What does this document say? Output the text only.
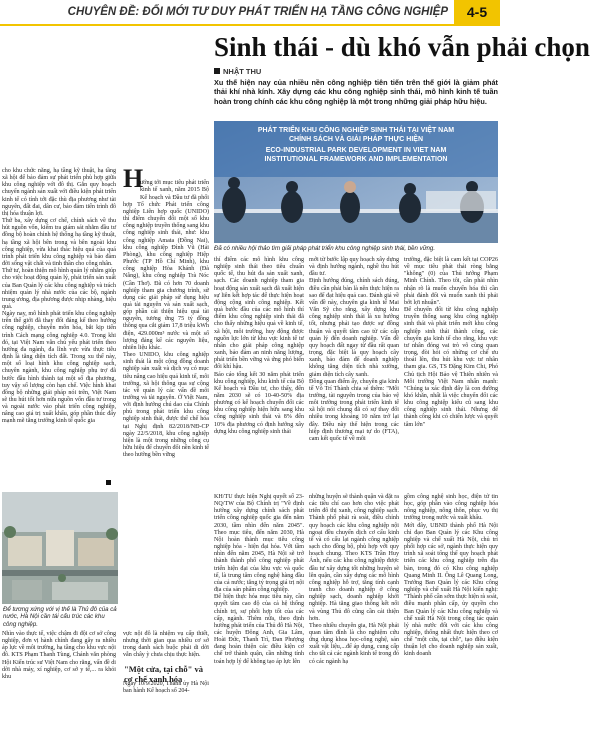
CHUYÊN ĐỀ: ĐỔI MỚI TƯ DUY PHÁT TRIỂN HẠ TẦNG CÔNG NGHIỆP	4-5
cho khu chức năng, hạ tầng kỹ thuật, hạ tầng xã hội để bảo đảm sự phát triển phù hợp giữa khu công nghiệp với đô thị. Gắn quy hoạch chuyển ngành sản xuất với điều kiện phát triển kinh tế có tính tới đặc thù địa phương như tài nguyên, đất đai, dân cư, bảo đảm tiến trình đô thị hóa thuận lợi.
Thứ ba, xây dựng cơ chế, chính sách về thu hút nguồn vốn, kiểm tra giám sát nhằm đầu tư đồng bộ hoàn chỉnh hệ thống hạ tầng kỹ thuật, hạ tầng xã hội bên trong và bên ngoài khu công nghiệp, vừa khai thác hiệu quả của quá trình phát triển khu công nghiệp và bảo đảm đời sống vật chất và tinh thần cho công nhân.
Thứ tư, hoàn thiện mô hình quản lý nhằm giúp cho việc hoạt động quản lý, phát triển sản xuất của Ban Quản lý các khu công nghiệp và trách nhiệm quản lý nhà nước của các bộ, ngành trung ương, địa phương được nhịp nhàng, hiệu quả.
Ngày nay, mô hình phát triển khu công nghiệp trên thế giới đã thay đổi đáng kể theo hướng công nghiệp, chuyên môn hóa, bắt kịp tiến trình Cách mạng công nghiệp 4.0. Trong khi đó, tại Việt Nam vẫn chú yếu phát triển theo hướng đa ngành, đa lĩnh vực vừa thực tiễu định là tăng diện tích đất. Trong xu thế này, một số loại hình khu công nghiệp sạch, chuyên ngành, khu công nghiệp phụ trợ đã bước đầu hình thành tại một số địa phương, tuy vậy số lượng còn hạn chế. Việc hình khai đồng bộ những giải pháp nói trên, Việt Nam sẽ thu hút tốt hơn nữa nguồn vốn đầu tư trong và ngoài nước vào phát triển công nghiệp, nâng cao giá trị xuất khẩu, góp phần thúc đẩy mạnh mẽ tăng trưởng kinh tế quốc gia
H

ướng tới mục tiêu phát triển kinh tế xanh, năm 2015 Bộ Kế hoạch và Đầu tư đã phối hợp Tổ chức Phát triển công nghiệp Liên hợp quốc (UNIDO) thí điểm chuyển đổi một số khu công nghiệp truyền thống sang khu công nghiệp sinh thái, như: khu công nghiệp Amata (Đồng Nai), khu công nghiệp Đình Vũ (Hải Phòng), khu công nghiệp Hiệp Phước (TP Hồ Chí Minh), khu công nghiệp Hòa Khánh (Đà Nẵng), khu công nghiệp Trà Nóc (Cần Thơ). Đã có hơn 70 doanh nghiệp tham gia chương trình, sử dụng các giải pháp sử dụng hiệu quả tài nguyên và sản xuất sạch, góp phần cải thiện hiệu quả tài nguyên, tương ứng 75 tỷ đồng thông qua cắt giảm 17,8 triệu kWh điện, 429.000m³ nước và một số lượng đáng kể các nguyên liệu, nhiên liệu khác.
Theo UNIDO, khu công nghiệp sinh thái là một cộng đồng doanh nghiệp sản xuất và dịch vụ có mục tiêu nâng cao hiệu quả kinh tế, môi trường, xã hội thông qua sự cộng tác về quản lý các vấn đề môi trường và tài nguyên. Ở Việt Nam, với định hướng chú dao của Chính phủ trong phát triển khu công nghiệp sinh thái, được thể chế hóa tại Nghị định 82/2018/NĐ-CP ngày 22/5/2018, khu công nghiệp hiện là một trong những công cụ hữu hiệu để chuyển đổi nền kinh tế theo hướng bền vững

Sinh thái - dù khó vẫn phải chọn
NHẬT THU
Xu thế hiện nay của nhiều nền công nghiệp tiên tiến trên thế giới là giảm phát thải khí nhà kính. Xây dựng các khu công nghiệp sinh thái, mô hình kinh tế tuần hoàn trong chính các khu công nghiệp là một trong những giải pháp hữu hiệu.
PHÁT TRIỂN KHU CÔNG NGHIỆP SINH THÁI TẠI VIỆT NAM
CHÍNH SÁCH VÀ GIẢI PHÁP THỰC HIỆN
ECO-INDUSTRIAL PARK DEVELOPMENT IN VIET NAM
INSTITUTIONAL FRAMEWORK AND IMPLEMENTATION
Đã có nhiều hội thảo tìm giải pháp phát triển khu công nghiệp sinh thái, bền vững.
thí điểm các mô hình khu công nghiệp sinh thái theo tiêu chuẩn quốc tế, thu hút đa sản xuất xanh, sạch. Các doanh nghiệp tham gia hoạt động sản xuất sạch đã xuất hiện sự liên kết hợp tác để thực hiện hoạt động cộng sinh công nghiệp. Kết quả bước đầu của các mô hình thí điểm khu công nghiệp sinh thái đã cho thấy những hiệu quả về kinh tế, xã hội, môi trường, huy động được nguồn lực lớn từ khu vực kinh tế tư nhân cho giải pháp công nghiệp xanh, bảo đảm an ninh năng lượng, phát triển bền vững và ứng phó biến đổi khí hậu.
Báo cáo tổng kết 30 năm phát triển khu công nghiệp, khu kinh tế của Bộ Kế hoạch và Đầu tư, cho thấy, đến năm 2030 sẽ có 10-40-50% địa phương có kế hoạch chuyển đổi các khu công nghiệp hiện hữu sang khu công nghiệp sinh thái và 8% đến 10% địa phương có định hướng xây dựng khu công nghiệp sinh thái
mới từ bước lập quy hoạch xây dựng và định hướng ngành, nghề thu hút đầu tư.
Định hướng đúng, chính sách đúng, điều cần phải bàn là nên thực hiện ra sao để đạt hiệu quả cao. Đánh giá về vấn đề này, chuyên gia kinh tế Mai Văn Sỹ cho rằng, xây dựng khu công nghiệp sinh thái là xu hướng tốt, nhưng phải tạo được sự đồng thuận và quyết tâm cao từ các cấp quản lý đến doanh nghiệp. Vấn đề quy hoạch đất ngay từ đầu rất quan trọng, đặc biệt là quy hoạch cây xanh, bảo đảm để doanh nghiệp không tăng diện tích nhà xưởng, giảm diện tích cây xanh.
Đồng quan điểm ấy, chuyên gia kinh tế Võ Trí Thành chia sẻ thêm: "Môi trường, tài nguyên trong của bảo vệ môi trường trong phát triển kinh tế xã hội nói chung đã có sự thay đổi nhiều trong khoảng 10 năm trở lại đây. Điều này thể hiện trong các hiệp định thương mại tự do (FTA), cam kết quốc tế về môi
trường, đặc biệt là cam kết tại COP26 về mục tiêu phát thải ròng bằng "không" (0) của Thủ tướng Phạm Minh Chính. Theo tôi, cần phải nhìn nhận rõ là muốn chuyển hóa thì cần phải đánh đổi và muốn xanh thì phải bớt lợi nhuận".
Để chuyển đổi từ khu công nghiệp truyền thống sang khu công nghiệp sinh thái và phát triển mới khu công nghiệp sinh thái thành công, các chuyên gia kinh tế cho rằng, khu vực tư nhân đóng vai trò vô cùng quan trọng, đòi hỏi có những cơ chế ưu thoái lên, thu hút khu vực tư nhân tham gia. GS, TS Đặng Kim Chi, Phó Chủ tịch Hội Bảo vệ Thiên nhiên và Môi trường Việt Nam nhấn mạnh: "Chúng ta xác định đây là con đường khó khăn, nhất là việc chuyển đổi các khu công nghiệp kiểu cũ sang khu công nghiệp sinh thái. Nhưng để thành công khi có chiến lược và quyết tâm lớn"
Để tương xứng với vị thế là Thủ đô của cả nước, Hà Nội cần tái cấu trúc các khu công nghiệp.
Nhìn vào thực tế, việc chậm đi đội cơ sở công nghiệp, đơn vị hành chính đang gây ra nhiều áp lực về môi trường, hạ tầng cho khu vực nội đô. KTS Phạm Thanh Tùng, Chánh văn phòng Hội Kiến trúc sư Việt Nam cho rằng, vấn đề di dời nhà máy, xí nghiệp, cơ sở y tế,... ra khỏi khu
vực nội đô là nhiệm vụ cấp thiết, nhưng thời gian qua nhiều cơ sở trong danh sách buộc phải di dời vẫn chây ỳ chưa chịu thực hiện.

Ngày 10/9/2020, Thành ủy Hà Nội ban hành Kế hoạch số 204-
"Một cửa, tại chỗ" và cơ chế xanh hóa
KH/TU thực hiện Nghị quyết số 23-NQ/TW của Bộ Chính trị "Về định hướng xây dựng chính sách phát triển công nghiệp quốc gia đến năm 2030, tầm nhìn đến năm 2045". Theo mục tiêu, đến năm 2030, Hà Nội hoàn thành mục tiêu công nghiệp hóa - hiện đại hóa. Với tầm nhìn đến năm 2045, Hà Nội sẽ trở thành thành phố công nghiệp phát triển hiện đại của khu vực và quốc tế, là trung tâm công nghệ hàng đầu của cả nước; tăng tỷ trọng giá trị nội địa của sản phẩm công nghiệp.
Để hiện thực hóa mục tiêu này, cần quyết tâm cao độ của cả hệ thống chính trị, sự phối hợp tốt của các cấp, ngành. Thêm nữa, theo định hướng phát triển của Thủ đô Hà Nội, các huyện Đông Anh, Gia Lâm, Hoài Đức, Thanh Trì, Đan Phượng đang hoàn thiện các điều kiện cơ chế trở thành quận, cần những tính toán hợp lý để không tạo áp lực lên
những huyện sẽ thành quận và đặt ra các tiêu chí cao hơn cho việc phát triển đô thị xanh, công nghiệp sạch. Thành phố phải rà soát, điều chỉnh quy hoạch các khu công nghiệp nội ngoại đều chuyển dịch cơ cấu kinh tế và có cấu lại ngành công nghiệp sạch cho đồng bộ, phù hợp với quy hoạch chung. Theo KTS Trần Huy Ánh, nếu các khu công nghiệp được đầu tư xây dựng tốt những huyện sẽ lên quận, cần xây dựng các mô hình công nghiệp hỗ trợ, tăng tính cạnh tranh cho doanh nghiệp ở công nghiệp sạch, doanh nghiệp khởi nghiệp. Hà tăng giao thông kết nối và vùng Thủ đô cũng cần cải thiện hơn.
Theo nhiều chuyên gia, Hà Nội phải quan tâm đỉnh là cho nghiệm cứu ứng dụng khoa học-công nghệ, sản xuất vật liệu,...để áp dụng, cung cấp cho tất cả các ngành kinh tế trong đó có các ngành hạ
gồm công nghệ sinh học, điện tử tin học, góp phần vào công nghiệp hóa nông nghiệp, nông thôn, phục vụ thị trường trong nước và xuất khẩu.
Mới đây, UBND thành phố Hà Nội chỉ đạo Ban Quản lý các Khu công nghiệp và chế xuất Hà Nội, chủ trì phối hợp các sở, ngành thực hiện quy trình xã soát tổng thể quy hoạch phát triển các khu công nghiệp trên địa bàn, trong đó có Khu công nghiệp Quang Minh II. Ông Lê Quang Long, Trưởng Ban Quản lý các Khu công nghiệp và chế xuất Hà Nội kiến nghị: "Thành phố cần sớm thực hiện rà soát, điều mạnh phân cấp, ủy quyền cho Ban Quản lý các Khu công nghiệp và chế xuất Hà Nội trong công tác quản lý nhà nước đối với các khu công nghiệp, thống nhất thực hiện theo cơ chế "một cửa, tại chỗ", tạo điều kiện thuận lợi cho doanh nghiệp sản xuất, kinh doanh
